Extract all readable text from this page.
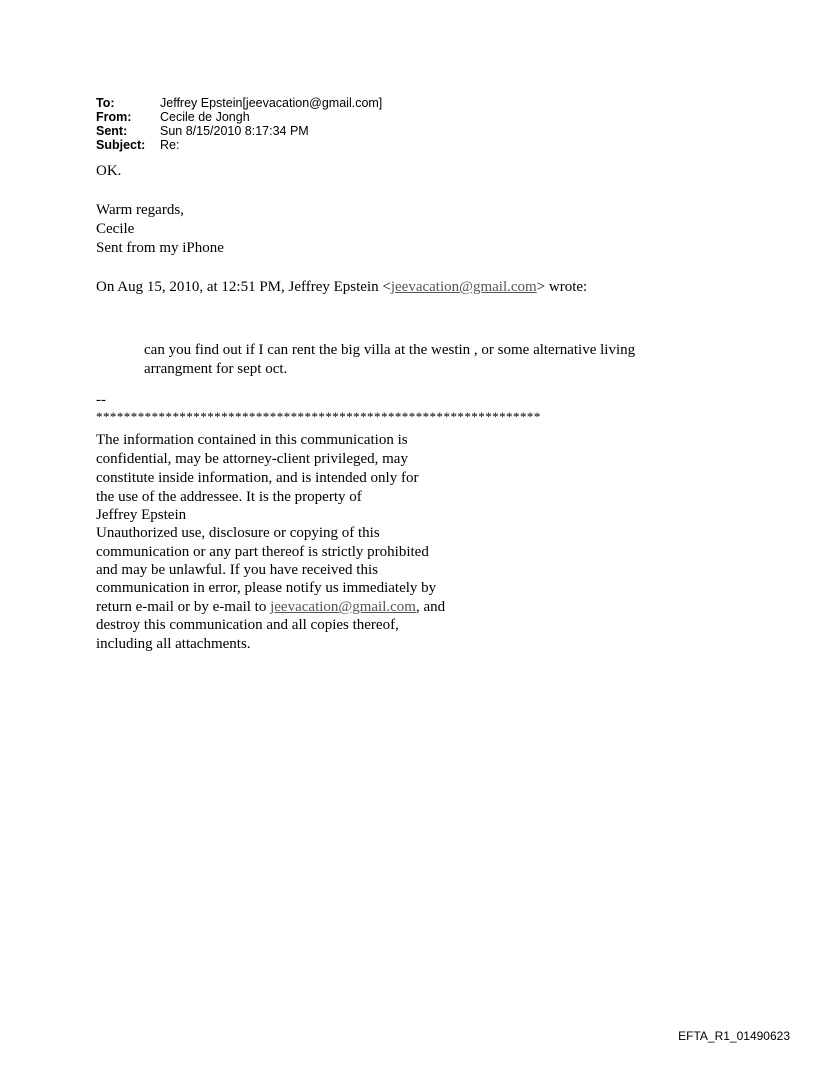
To:	Jeffrey Epstein[jeevacation@gmail.com]
From:	Cecile de Jongh
Sent:	Sun 8/15/2010 8:17:34 PM
Subject:	Re:
OK.
Warm regards,
Cecile
Sent from my iPhone
On Aug 15, 2010, at 12:51 PM, Jeffrey Epstein <jeevacation@gmail.com> wrote:
can you find out if I can rent the big villa at the westin , or some alternative living
arrangment for sept oct.
--
****************************************************************
The information contained in this communication is
confidential, may be attorney-client privileged, may
constitute inside information, and is intended only for
the use of the addressee. It is the property of
Jeffrey Epstein
Unauthorized use, disclosure or copying of this
communication or any part thereof is strictly prohibited
and may be unlawful. If you have received this
communication in error, please notify us immediately by
return e-mail or by e-mail to jeevacation@gmail.com, and
destroy this communication and all copies thereof,
including all attachments.
EFTA_R1_01490623
